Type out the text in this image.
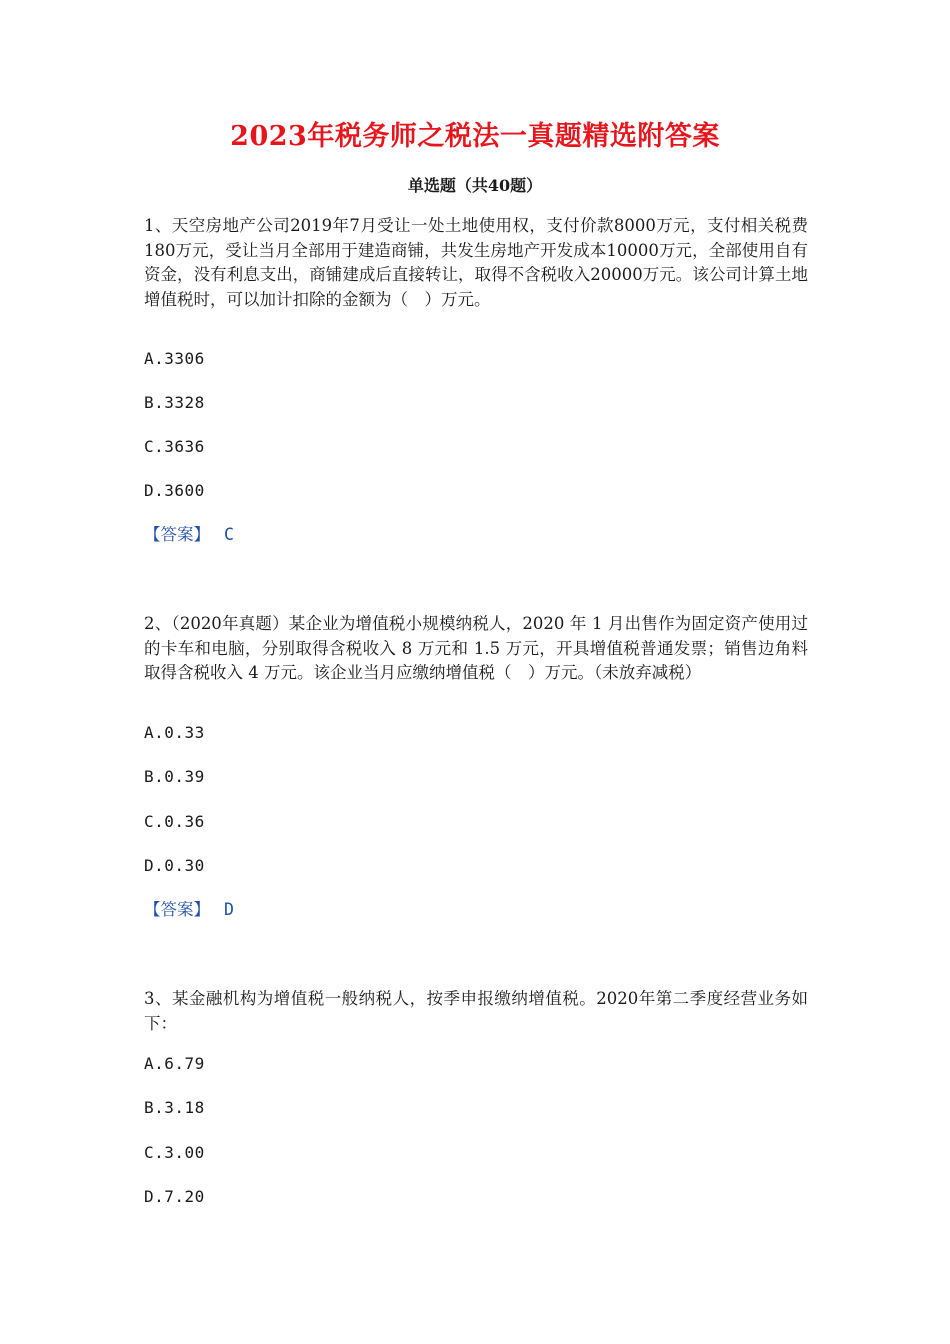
2023年税务师之税法一真题精选附答案
单选题（共40题）

1、天空房地产公司2019年7月受让一处土地使用权，支付价款8000万元，支付相关税费180万元，受让当月全部用于建造商铺，共发生房地产开发成本10000万元，全部使用自有资金，没有利息支出，商铺建成后直接转让，取得不含税收入20000万元。该公司计算土地增值税时，可以加计扣除的金额为（　）万元。

A.3306
B.3328
C.3636
D.3600
【答案】 C

2、（2020年真题）某企业为增值税小规模纳税人，2020 年 1 月出售作为固定资产使用过的卡车和电脑，分别取得含税收入 8 万元和 1.5 万元，开具增值税普通发票；销售边角料取得含税收入 4 万元。该企业当月应缴纳增值税（　）万元。（未放弃减税）

A.0.33
B.0.39
C.0.36
D.0.30
【答案】 D

3、某金融机构为增值税一般纳税人，按季申报缴纳增值税。2020年第二季度经营业务如下：

A.6.79
B.3.18
C.3.00
D.7.20
